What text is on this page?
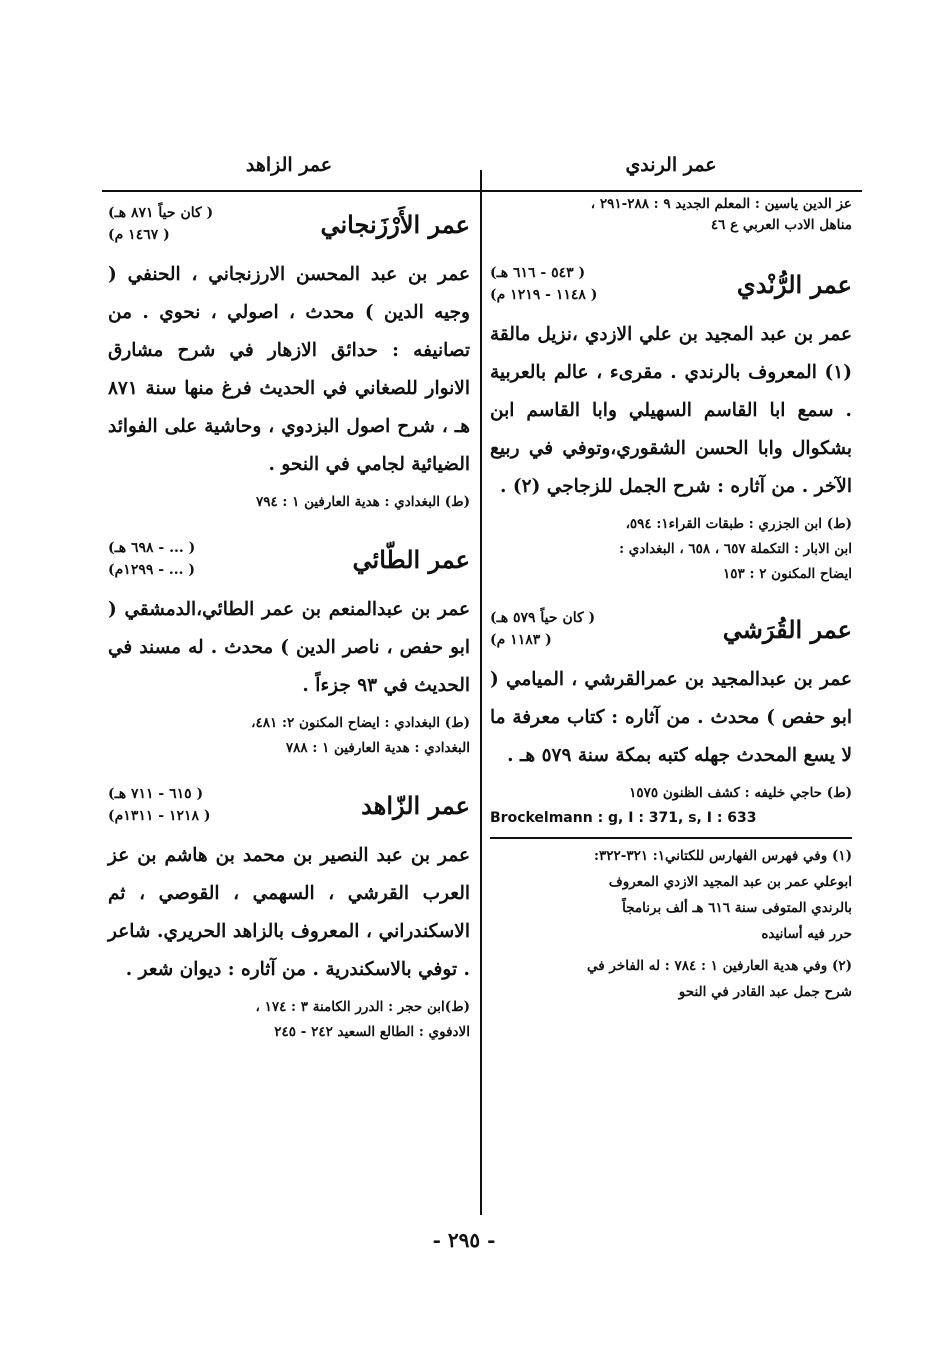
عمر الرندي

عز الدين ياسين : المعلم الجديد ٩ : ٢٨٨-٢٩١ ،

مناهل الادب العربي ع ٤٦

عمر الرُّنْدي
( ٥٤٣ - ٦١٦ هـ)
( ١١٤٨ - ١٢١٩ م)

عمر بن عبد المجيد بن علي الازدي ،نزيل مالقة (١) المعروف بالرندي . مقرىء ، عالم بالعربية . سمع ابا القاسم السهيلي وابا القاسم ابن بشكوال وابا الحسن الشقوري،وتوفي في ربيع الآخر . من آثاره : شرح الجمل للزجاجي (٢) .

(ط) ابن الجزري : طبقات القراء١: ٥٩٤،
ابن الابار : التكملة ٦٥٧ ، ٦٥٨ ، البغدادي :
ايضاح المكنون ٢ : ١٥٣
عمر القُرَشي
( كان حياً ٥٧٩ هـ)
( ١١٨٣ م)

عمر بن عبدالمجيد بن عمرالقرشي ، الميامي ( ابو حفص ) محدث . من آثاره : كتاب معرفة ما لا يسع المحدث جهله كتبه بمكة سنة ٥٧٩ هـ .

(ط) حاجي خليفه : كشف الظنون ١٥٧٥
Brockelmann : g, I : 371, s, I : 633
(١) وفي فهرس الفهارس للكتاني١: ٣٢١-٣٢٢:
ابوعلي عمر بن عبد المجيد الازدي المعروف
بالرندي المتوفى سنة ٦١٦ هـ ألف برنامجاً
حرر فيه أسانيده
(٢) وفي هدية العارفين ١ : ٧٨٤ : له الفاخر في
شرح جمل عبد القادر في النحو
عمر الزاهد
عمر الأَرْزَنجاني
( كان حياً ٨٧١ هـ)
( ١٤٦٧ م)

عمر بن عبد المحسن الارزنجاني ، الحنفي ( وجيه الدين ) محدث ، اصولي ، نحوي . من تصانيفه : حدائق الازهار في شرح مشارق الانوار للصغاني في الحديث فرغ منها سنة ٨٧١ هـ ، شرح اصول البزدوي ، وحاشية على الفوائد الضيائية لجامي في النحو .

(ط) البغدادي : هدية العارفين ١ : ٧٩٤
عمر الطّائي
( ... - ٦٩٨ هـ)
( ... - ١٢٩٩م)

عمر بن عبدالمنعم بن عمر الطائي،الدمشقي ( ابو حفص ، ناصر الدين ) محدث . له مسند في الحديث في ٩٣ جزءاً .

(ط) البغدادي : ايضاح المكنون ٢: ٤٨١،
البغدادي : هدية العارفين ١ : ٧٨٨
عمر الزّاهد
( ٦١٥ - ٧١١ هـ)
( ١٢١٨ - ١٣١١م)

عمر بن عبد النصير بن محمد بن هاشم بن عز العرب القرشي ، السهمي ، القوصي ، ثم الاسكندراني ، المعروف بالزاهد الحريري. شاعر . توفي بالاسكندرية . من آثاره : ديوان شعر .

(ط)ابن حجر : الدرر الكامنة ٣ : ١٧٤ ،
الادفوي : الطالع السعيد ٢٤٢ - ٢٤٥
- ٢٩٥ -
